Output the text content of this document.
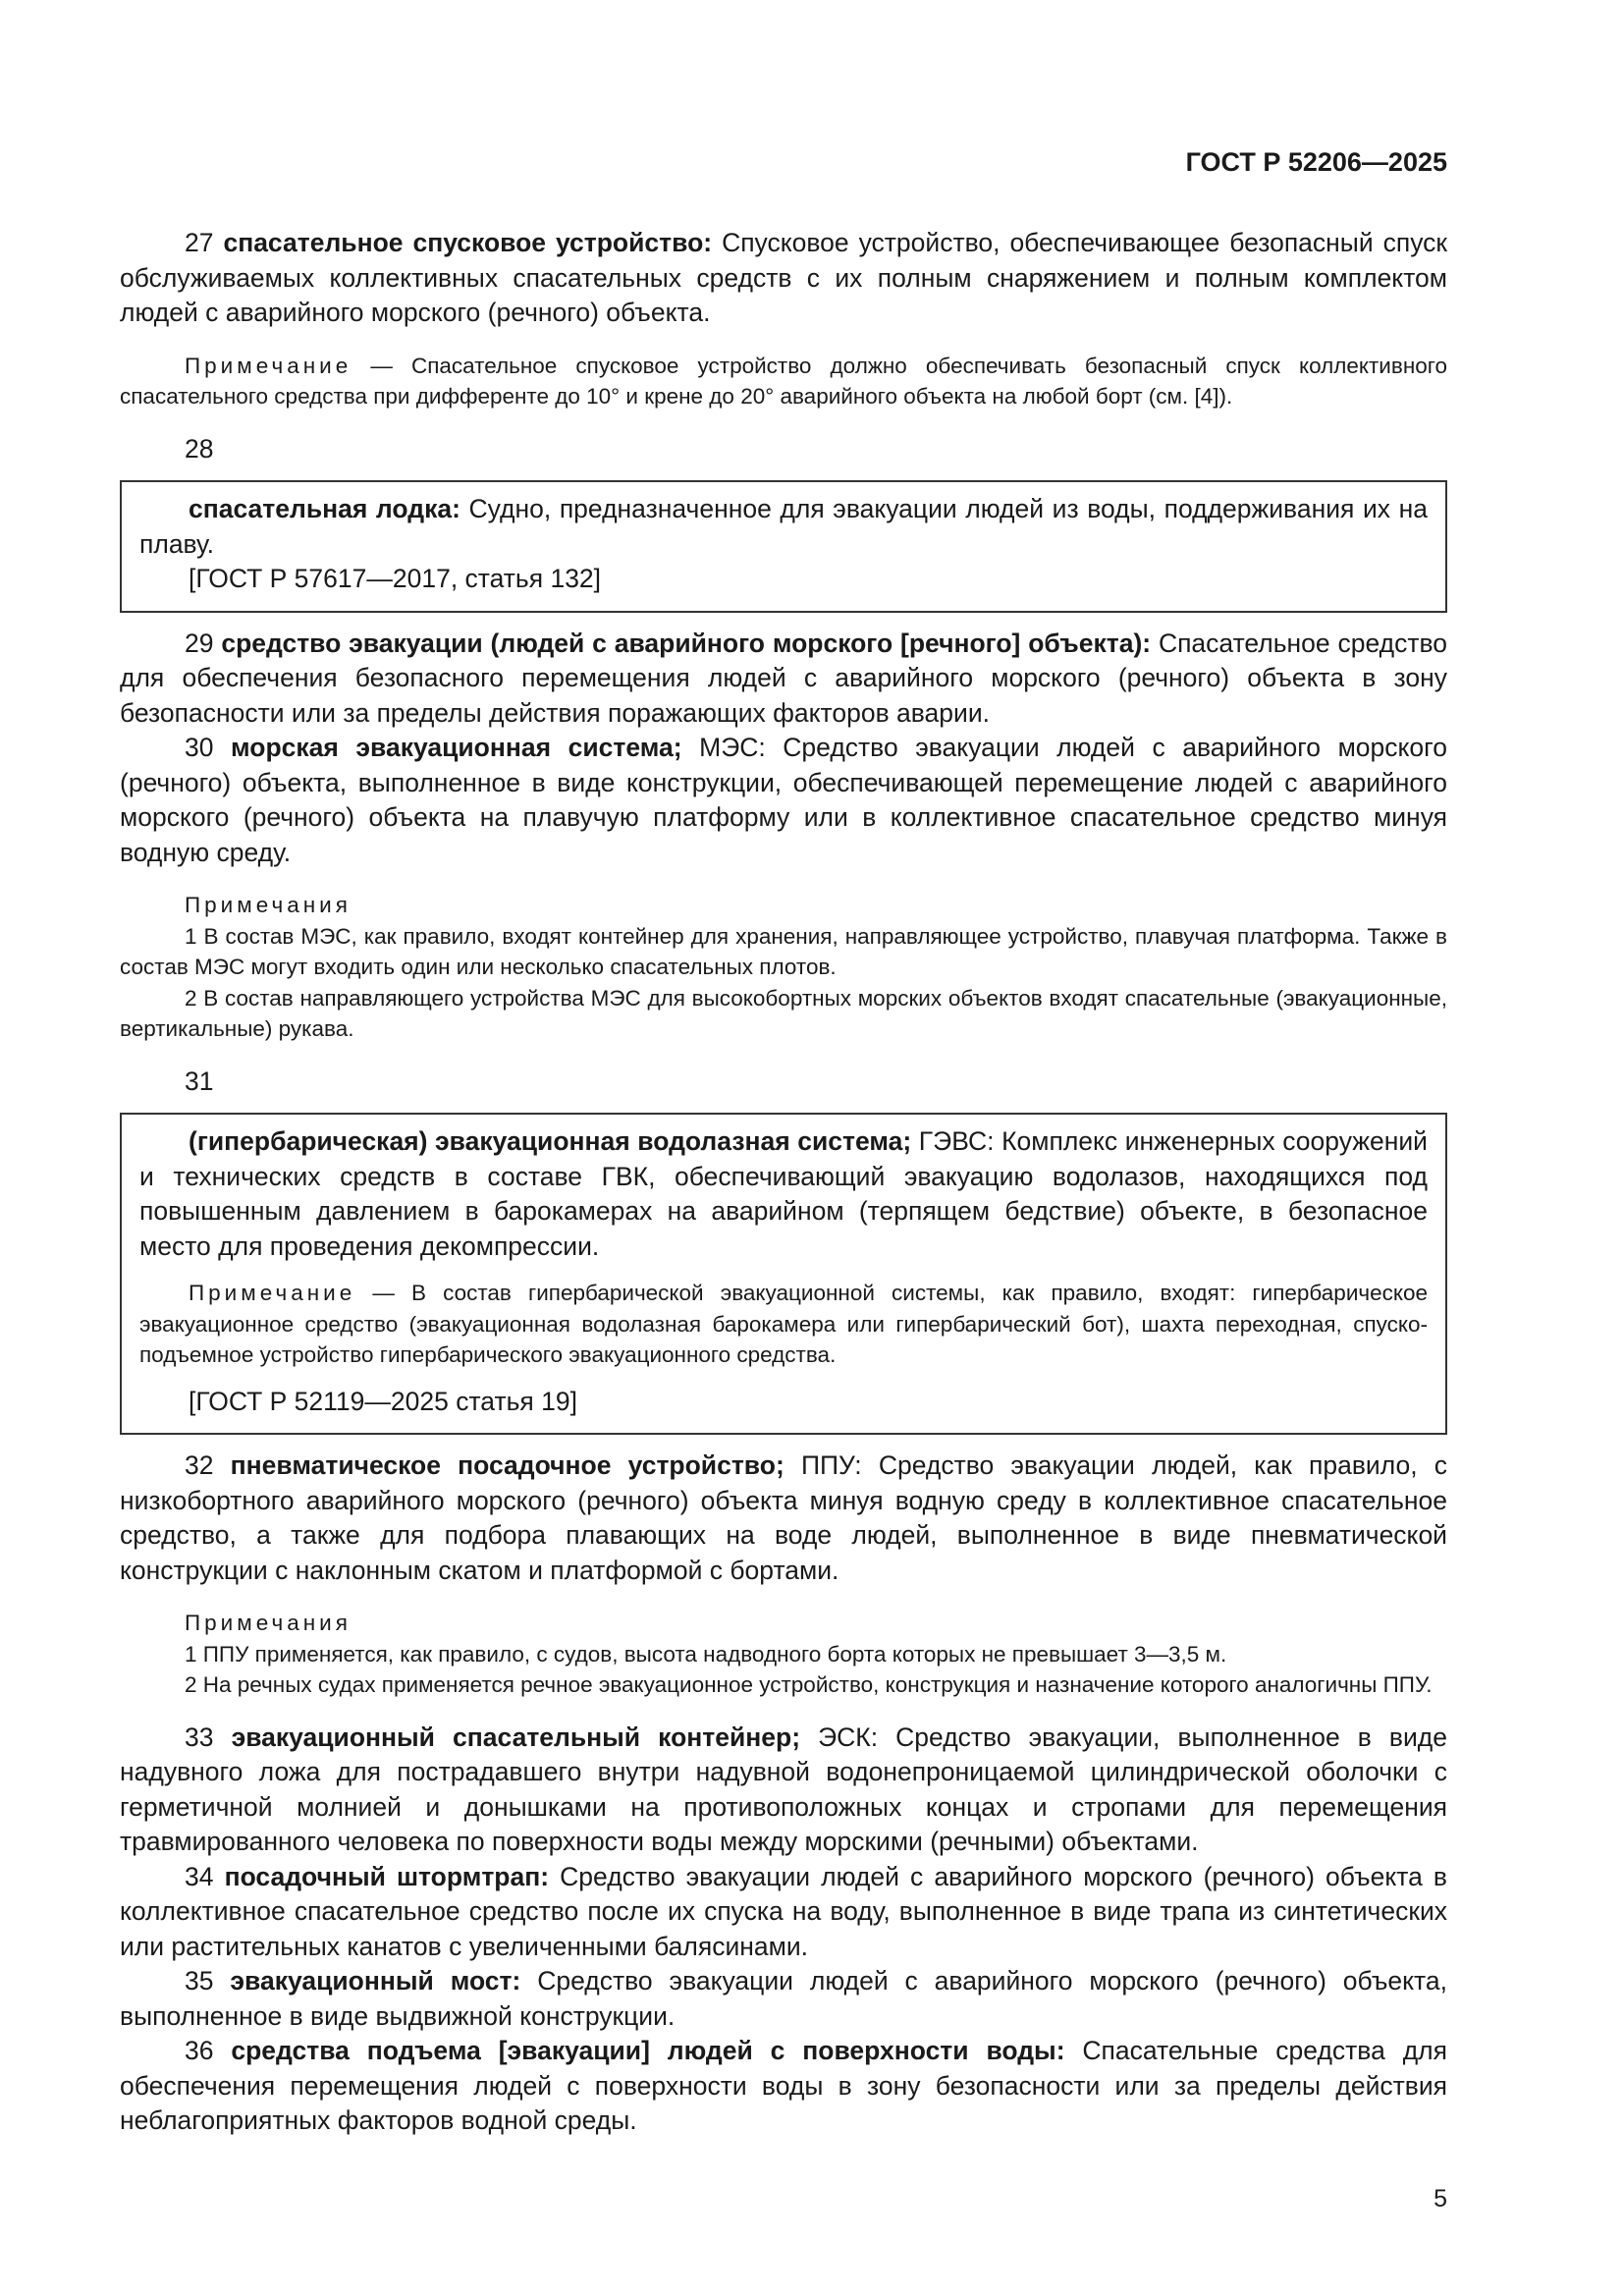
ГОСТ Р 52206—2025

27 спасательное спусковое устройство: Спусковое устройство, обеспечивающее безопасный спуск обслуживаемых коллективных спасательных средств с их полным снаряжением и полным комплектом людей с аварийного морского (речного) объекта.

Примечание — Спасательное спусковое устройство должно обеспечивать безопасный спуск коллективного спасательного средства при дифференте до 10° и крене до 20° аварийного объекта на любой борт (см. [4]).

28

спасательная лодка: Судно, предназначенное для эвакуации людей из воды, поддерживания их на плаву.

[ГОСТ Р 57617—2017, статья 132]

29 средство эвакуации (людей с аварийного морского [речного] объекта): Спасательное средство для обеспечения безопасного перемещения людей с аварийного морского (речного) объекта в зону безопасности или за пределы действия поражающих факторов аварии.

30 морская эвакуационная система; МЭС: Средство эвакуации людей с аварийного морского (речного) объекта, выполненное в виде конструкции, обеспечивающей перемещение людей с аварийного морского (речного) объекта на плавучую платформу или в коллективное спасательное средство минуя водную среду.

Примечания

1 В состав МЭС, как правило, входят контейнер для хранения, направляющее устройство, плавучая платформа. Также в состав МЭС могут входить один или несколько спасательных плотов.

2 В состав направляющего устройства МЭС для высокобортных морских объектов входят спасательные (эвакуационные, вертикальные) рукава.

31

(гипербарическая) эвакуационная водолазная система; ГЭВС: Комплекс инженерных сооружений и технических средств в составе ГВК, обеспечивающий эвакуацию водолазов, находящихся под повышенным давлением в барокамерах на аварийном (терпящем бедствие) объекте, в безопасное место для проведения декомпрессии.

Примечание — В состав гипербарической эвакуационной системы, как правило, входят: гипербарическое эвакуационное средство (эвакуационная водолазная барокамера или гипербарический бот), шахта переходная, спуско-подъемное устройство гипербарического эвакуационного средства.

[ГОСТ Р 52119—2025 статья 19]

32 пневматическое посадочное устройство; ППУ: Средство эвакуации людей, как правило, с низкобортного аварийного морского (речного) объекта минуя водную среду в коллективное спасательное средство, а также для подбора плавающих на воде людей, выполненное в виде пневматической конструкции с наклонным скатом и платформой с бортами.

Примечания

1 ППУ применяется, как правило, с судов, высота надводного борта которых не превышает 3—3,5 м.

2 На речных судах применяется речное эвакуационное устройство, конструкция и назначение которого аналогичны ППУ.

33 эвакуационный спасательный контейнер; ЭСК: Средство эвакуации, выполненное в виде надувного ложа для пострадавшего внутри надувной водонепроницаемой цилиндрической оболочки с герметичной молнией и донышками на противоположных концах и стропами для перемещения травмированного человека по поверхности воды между морскими (речными) объектами.

34 посадочный штормтрап: Средство эвакуации людей с аварийного морского (речного) объекта в коллективное спасательное средство после их спуска на воду, выполненное в виде трапа из синтетических или растительных канатов с увеличенными балясинами.

35 эвакуационный мост: Средство эвакуации людей с аварийного морского (речного) объекта, выполненное в виде выдвижной конструкции.

36 средства подъема [эвакуации] людей с поверхности воды: Спасательные средства для обеспечения перемещения людей с поверхности воды в зону безопасности или за пределы действия неблагоприятных факторов водной среды.

5
